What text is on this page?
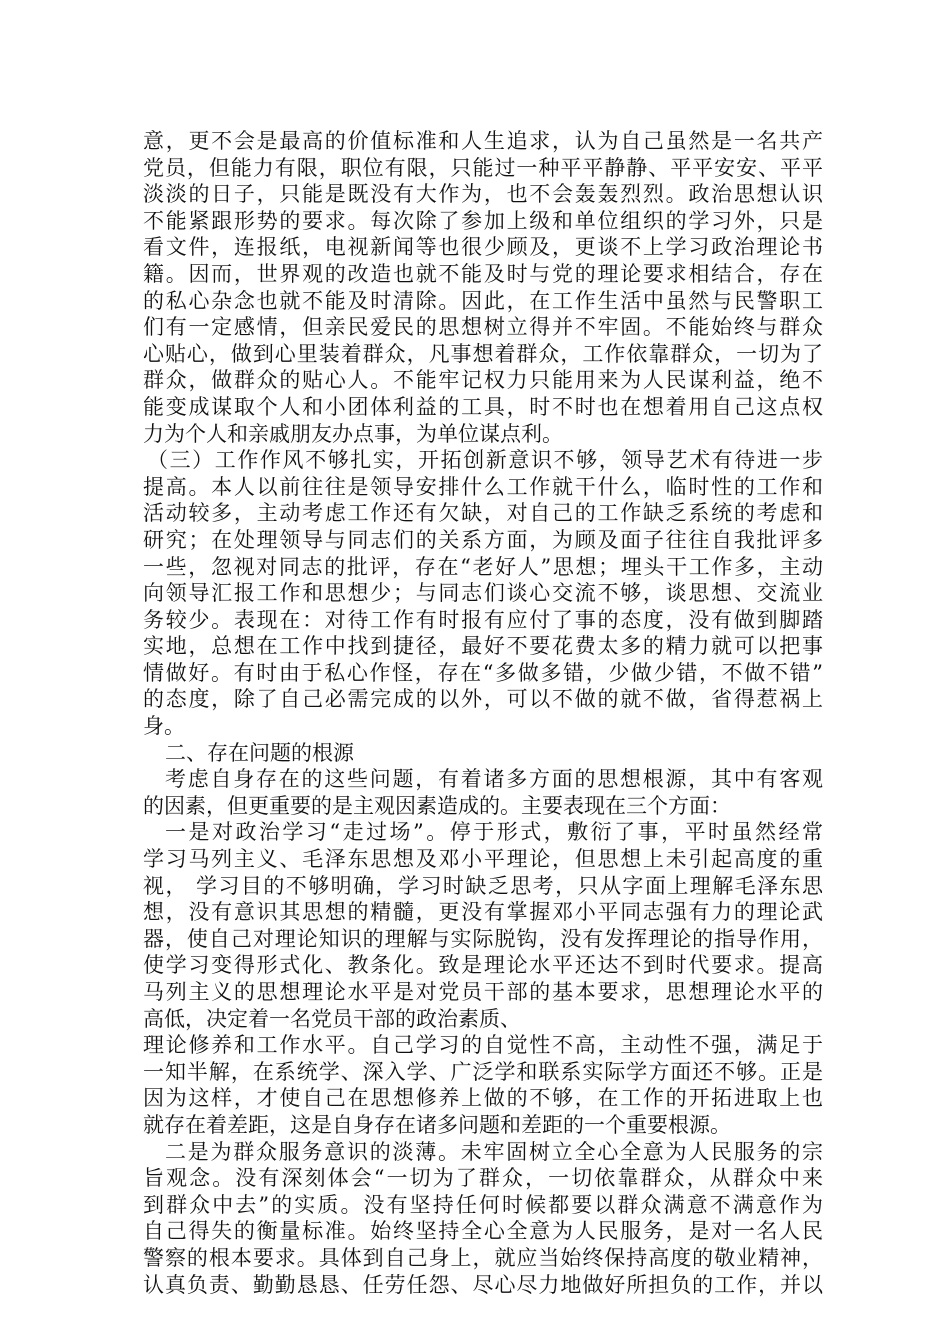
意，更不会是最高的价值标准和人生追求，认为自己虽然是一名共产
党员，但能力有限，职位有限，只能过一种平平静静、平平安安、平平
淡淡的日子，只能是既没有大作为，也不会轰轰烈烈。政治思想认识
不能紧跟形势的要求。每次除了参加上级和单位组织的学习外，只是
看文件，连报纸，电视新闻等也很少顾及，更谈不上学习政治理论书
籍。因而，世界观的改造也就不能及时与党的理论要求相结合，存在
的私心杂念也就不能及时清除。因此，在工作生活中虽然与民警职工
们有一定感情，但亲民爱民的思想树立得并不牢固。不能始终与群众
心贴心，做到心里装着群众，凡事想着群众，工作依靠群众，一切为了
群众，做群众的贴心人。不能牢记权力只能用来为人民谋利益，绝不
能变成谋取个人和小团体利益的工具，时不时也在想着用自己这点权
力为个人和亲戚朋友办点事，为单位谋点利。
（三）工作作风不够扎实，开拓创新意识不够，领导艺术有待进一步
提高。本人以前往往是领导安排什么工作就干什么，临时性的工作和
活动较多，主动考虑工作还有欠缺，对自己的工作缺乏系统的考虑和
研究；在处理领导与同志们的关系方面，为顾及面子往往自我批评多
一些，忽视对同志的批评，存在“老好人”思想；埋头干工作多，主动
向领导汇报工作和思想少；与同志们谈心交流不够，谈思想、交流业
务较少。表现在：对待工作有时报有应付了事的态度，没有做到脚踏
实地，总想在工作中找到捷径，最好不要花费太多的精力就可以把事
情做好。有时由于私心作怪，存在“多做多错，少做少错，不做不错”
的态度，除了自己必需完成的以外，可以不做的就不做，省得惹祸上
身。
二、存在问题的根源
考虑自身存在的这些问题，有着诸多方面的思想根源，其中有客观
的因素，但更重要的是主观因素造成的。主要表现在三个方面：
一是对政治学习“走过场”。停于形式，敷衍了事，平时虽然经常
学习马列主义、毛泽东思想及邓小平理论，但思想上未引起高度的重
视， 学习目的不够明确，学习时缺乏思考，只从字面上理解毛泽东思
想，没有意识其思想的精髓，更没有掌握邓小平同志强有力的理论武
器，使自己对理论知识的理解与实际脱钩，没有发挥理论的指导作用，
使学习变得形式化、教条化。致是理论水平还达不到时代要求。提高
马列主义的思想理论水平是对党员干部的基本要求，思想理论水平的
高低，决定着一名党员干部的政治素质、
理论修养和工作水平。自己学习的自觉性不高，主动性不强，满足于
一知半解，在系统学、深入学、广泛学和联系实际学方面还不够。正是
因为这样，才使自己在思想修养上做的不够，在工作的开拓进取上也
就存在着差距，这是自身存在诸多问题和差距的一个重要根源。
二是为群众服务意识的淡薄。未牢固树立全心全意为人民服务的宗
旨观念。没有深刻体会“一切为了群众，一切依靠群众，从群众中来
到群众中去”的实质。没有坚持任何时候都要以群众满意不满意作为
自己得失的衡量标准。始终坚持全心全意为人民服务，是对一名人民
警察的根本要求。具体到自己身上，就应当始终保持高度的敬业精神，
认真负责、勤勤恳恳、任劳任怨、尽心尽力地做好所担负的工作，并以
